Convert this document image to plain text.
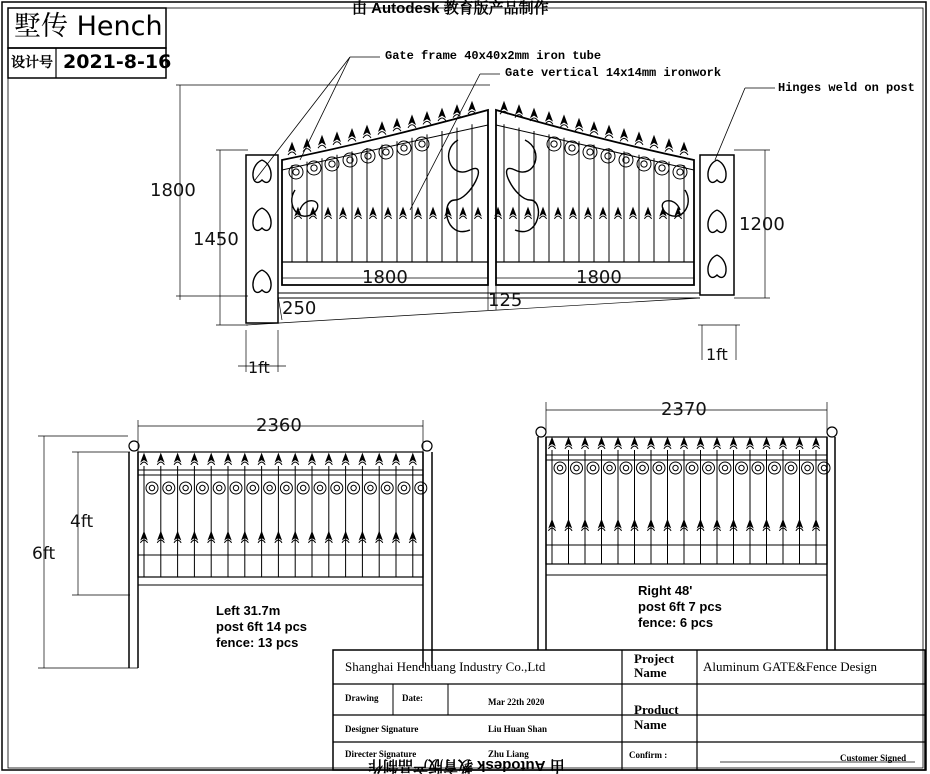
墅传 Hench
设计号 2021-8-16
由 Autodesk 教育版产品制作
由 Autodesk 教育版产品制作
Gate frame 40x40x2mm iron tube
Gate vertical 14x14mm ironwork
Hinges weld on post
1800
1450
1200
1800	1800
250	125
1ft
1ft
2360
4ft
6ft
Left 31.7m
post 6ft 14 pcs
fence: 13 pcs
2370
Right 48'
post 6ft 7 pcs
fence: 6 pcs
Shanghai Henchuang Industry Co.,Ltd
Project
Name	Aluminum GATE&Fence Design
Drawing	Date:	Mar 22th 2020	Product
Name
Designer Signature	Liu Huan Shan
Directer Signature	Zhu Liang	Confirm :	Customer Signed
